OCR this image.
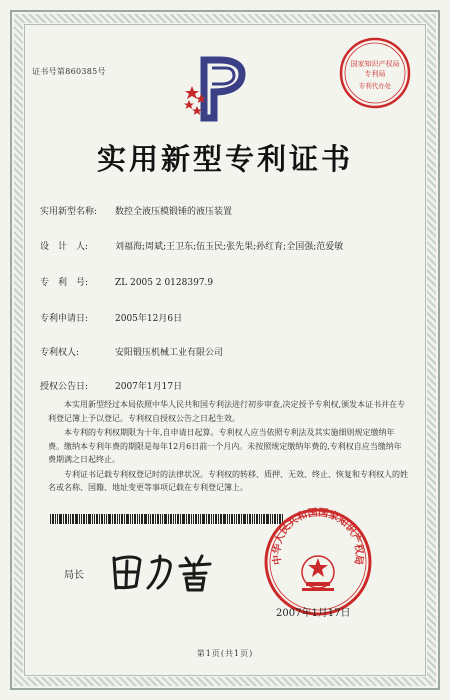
证书号第860385号
国家知识产权局
专利局
专利代办处
实用新型专利证书
实用新型名称: 数控全液压模锻锤的液压装置
设　计　人:	刘福海;周斌;王卫东;伍玉民;张先果;孙红育;全国强;范爱敏
专　利　号:	ZL 2005 2 0128397.9
专利申请日:	2005年12月6日
专利权人:	安阳锻压机械工业有限公司
授权公告日:	2007年1月17日

本实用新型经过本局依照中华人民共和国专利法进行初步审查,决定授予专利权,颁发本证书并在专利登记簿上予以登记。专利权自授权公告之日起生效。

本专利的专利权期限为十年,自申请日起算。专利权人应当依照专利法及其实施细则规定缴纳年费。缴纳本专利年费的期限是每年12月6日前一个月内。未按照规定缴纳年费的,专利权自应当缴纳年费期满之日起终止。

专利证书记载专利权登记时的法律状况。专利权的转移、质押、无效、终止、恢复和专利权人的姓名或名称、国籍、地址变更等事项记载在专利登记簿上。

局长
中华人民共和国国家知识产权局
2007年1月17日
第1页(共1页)
